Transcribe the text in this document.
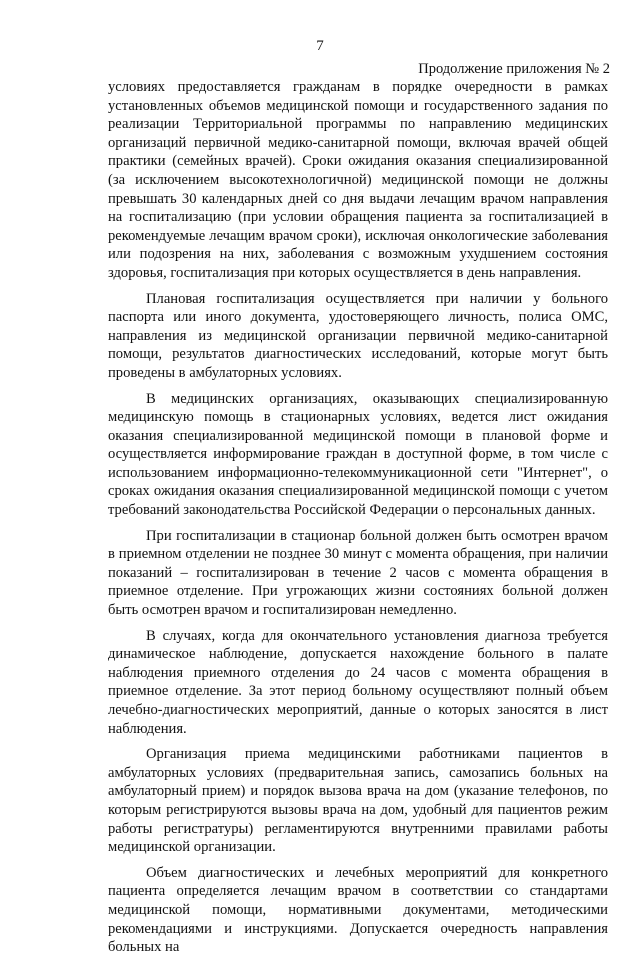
7
Продолжение приложения № 2

условиях предоставляется гражданам в порядке очередности в рамках установленных объемов медицинской помощи и государственного задания по реализации Территориальной программы по направлению медицинских организаций первичной медико-санитарной помощи, включая врачей общей практики (семейных врачей). Сроки ожидания оказания специализированной (за исключением высокотехнологичной) медицинской помощи не должны превышать 30 календарных дней со дня выдачи лечащим врачом направления на госпитализацию (при условии обращения пациента за госпитализацией в рекомендуемые лечащим врачом сроки), исключая онкологические заболевания или подозрения на них, заболевания с возможным ухудшением состояния здоровья, госпитализация при которых осуществляется в день направления.

Плановая госпитализация осуществляется при наличии у больного паспорта или иного документа, удостоверяющего личность, полиса ОМС, направления из медицинской организации первичной медико-санитарной помощи, результатов диагностических исследований, которые могут быть проведены в амбулаторных условиях.

В медицинских организациях, оказывающих специализированную медицинскую помощь в стационарных условиях, ведется лист ожидания оказания специализированной медицинской помощи в плановой форме и осуществляется информирование граждан в доступной форме, в том числе с использованием информационно-телекоммуникационной сети "Интернет", о сроках ожидания оказания специализированной медицинской помощи с учетом требований законодательства Российской Федерации о персональных данных.

При госпитализации в стационар больной должен быть осмотрен врачом в приемном отделении не позднее 30 минут с момента обращения, при наличии показаний – госпитализирован в течение 2 часов с момента обращения в приемное отделение. При угрожающих жизни состояниях больной должен быть осмотрен врачом и госпитализирован немедленно.

В случаях, когда для окончательного установления диагноза требуется динамическое наблюдение, допускается нахождение больного в палате наблюдения приемного отделения до 24 часов с момента обращения в приемное отделение. За этот период больному осуществляют полный объем лечебно-диагностических мероприятий, данные о которых заносятся в лист наблюдения.

Организация приема медицинскими работниками пациентов в амбулаторных условиях (предварительная запись, самозапись больных на амбулаторный прием) и порядок вызова врача на дом (указание телефонов, по которым регистрируются вызовы врача на дом, удобный для пациентов режим работы регистратуры) регламентируются внутренними правилами работы медицинской организации.

Объем диагностических и лечебных мероприятий для конкретного пациента определяется лечащим врачом в соответствии со стандартами медицинской помощи, нормативными документами, методическими рекомендациями и инструкциями. Допускается очередность направления больных на
